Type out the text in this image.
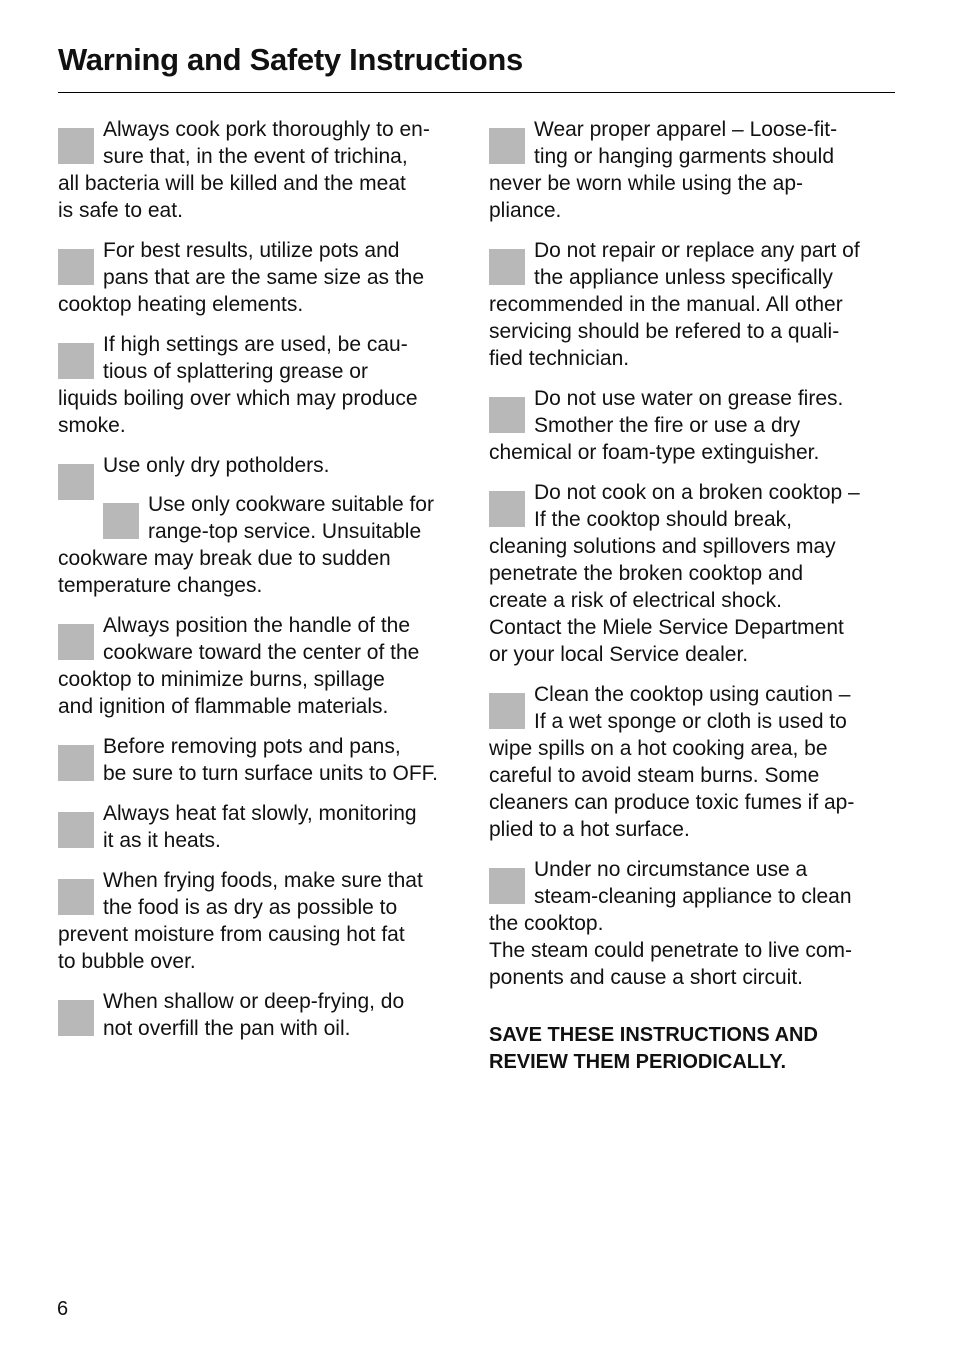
Warning and Safety Instructions
Always cook pork thoroughly to en-
sure that, in the event of trichina,
all bacteria will be killed and the meat
is safe to eat.
For best results, utilize pots and
pans that are the same size as the
cooktop heating elements.
If high settings are used, be cau-
tious of splattering grease or
liquids boiling over which may produce
smoke.
Use only dry potholders.
Use only cookware suitable for
range-top service. Unsuitable
cookware may break due to sudden
temperature changes.
Always position the handle of the
cookware toward the center of the
cooktop to minimize burns, spillage
and ignition of flammable materials.
Before removing pots and pans,
be sure to turn surface units to OFF.
Always heat fat slowly, monitoring
it as it heats.
When frying foods, make sure that
the food is as dry as possible to
prevent moisture from causing hot fat
to bubble over.
When shallow or deep-frying, do
not overfill the pan with oil.
Wear proper apparel – Loose-fit-
ting or hanging garments should
never be worn while using the ap-
pliance.
Do not repair or replace any part of
the appliance unless specifically
recommended in the manual. All other
servicing should be refered to a quali-
fied technician.
Do not use water on grease fires.
Smother the fire or use a dry
chemical or foam-type extinguisher.
Do not cook on a broken cooktop –
If the cooktop should break,
cleaning solutions and spillovers may
penetrate the broken cooktop and
create a risk of electrical shock.
Contact the Miele Service Department
or your local Service dealer.
Clean the cooktop using caution –
If a wet sponge or cloth is used to
wipe spills on a hot cooking area, be
careful to avoid steam burns. Some
cleaners can produce toxic fumes if ap-
plied to a hot surface.
Under no circumstance use a
steam-cleaning appliance to clean
the cooktop.
The steam could penetrate to live com-
ponents and cause a short circuit.
SAVE THESE INSTRUCTIONS AND
REVIEW THEM PERIODICALLY.
6
